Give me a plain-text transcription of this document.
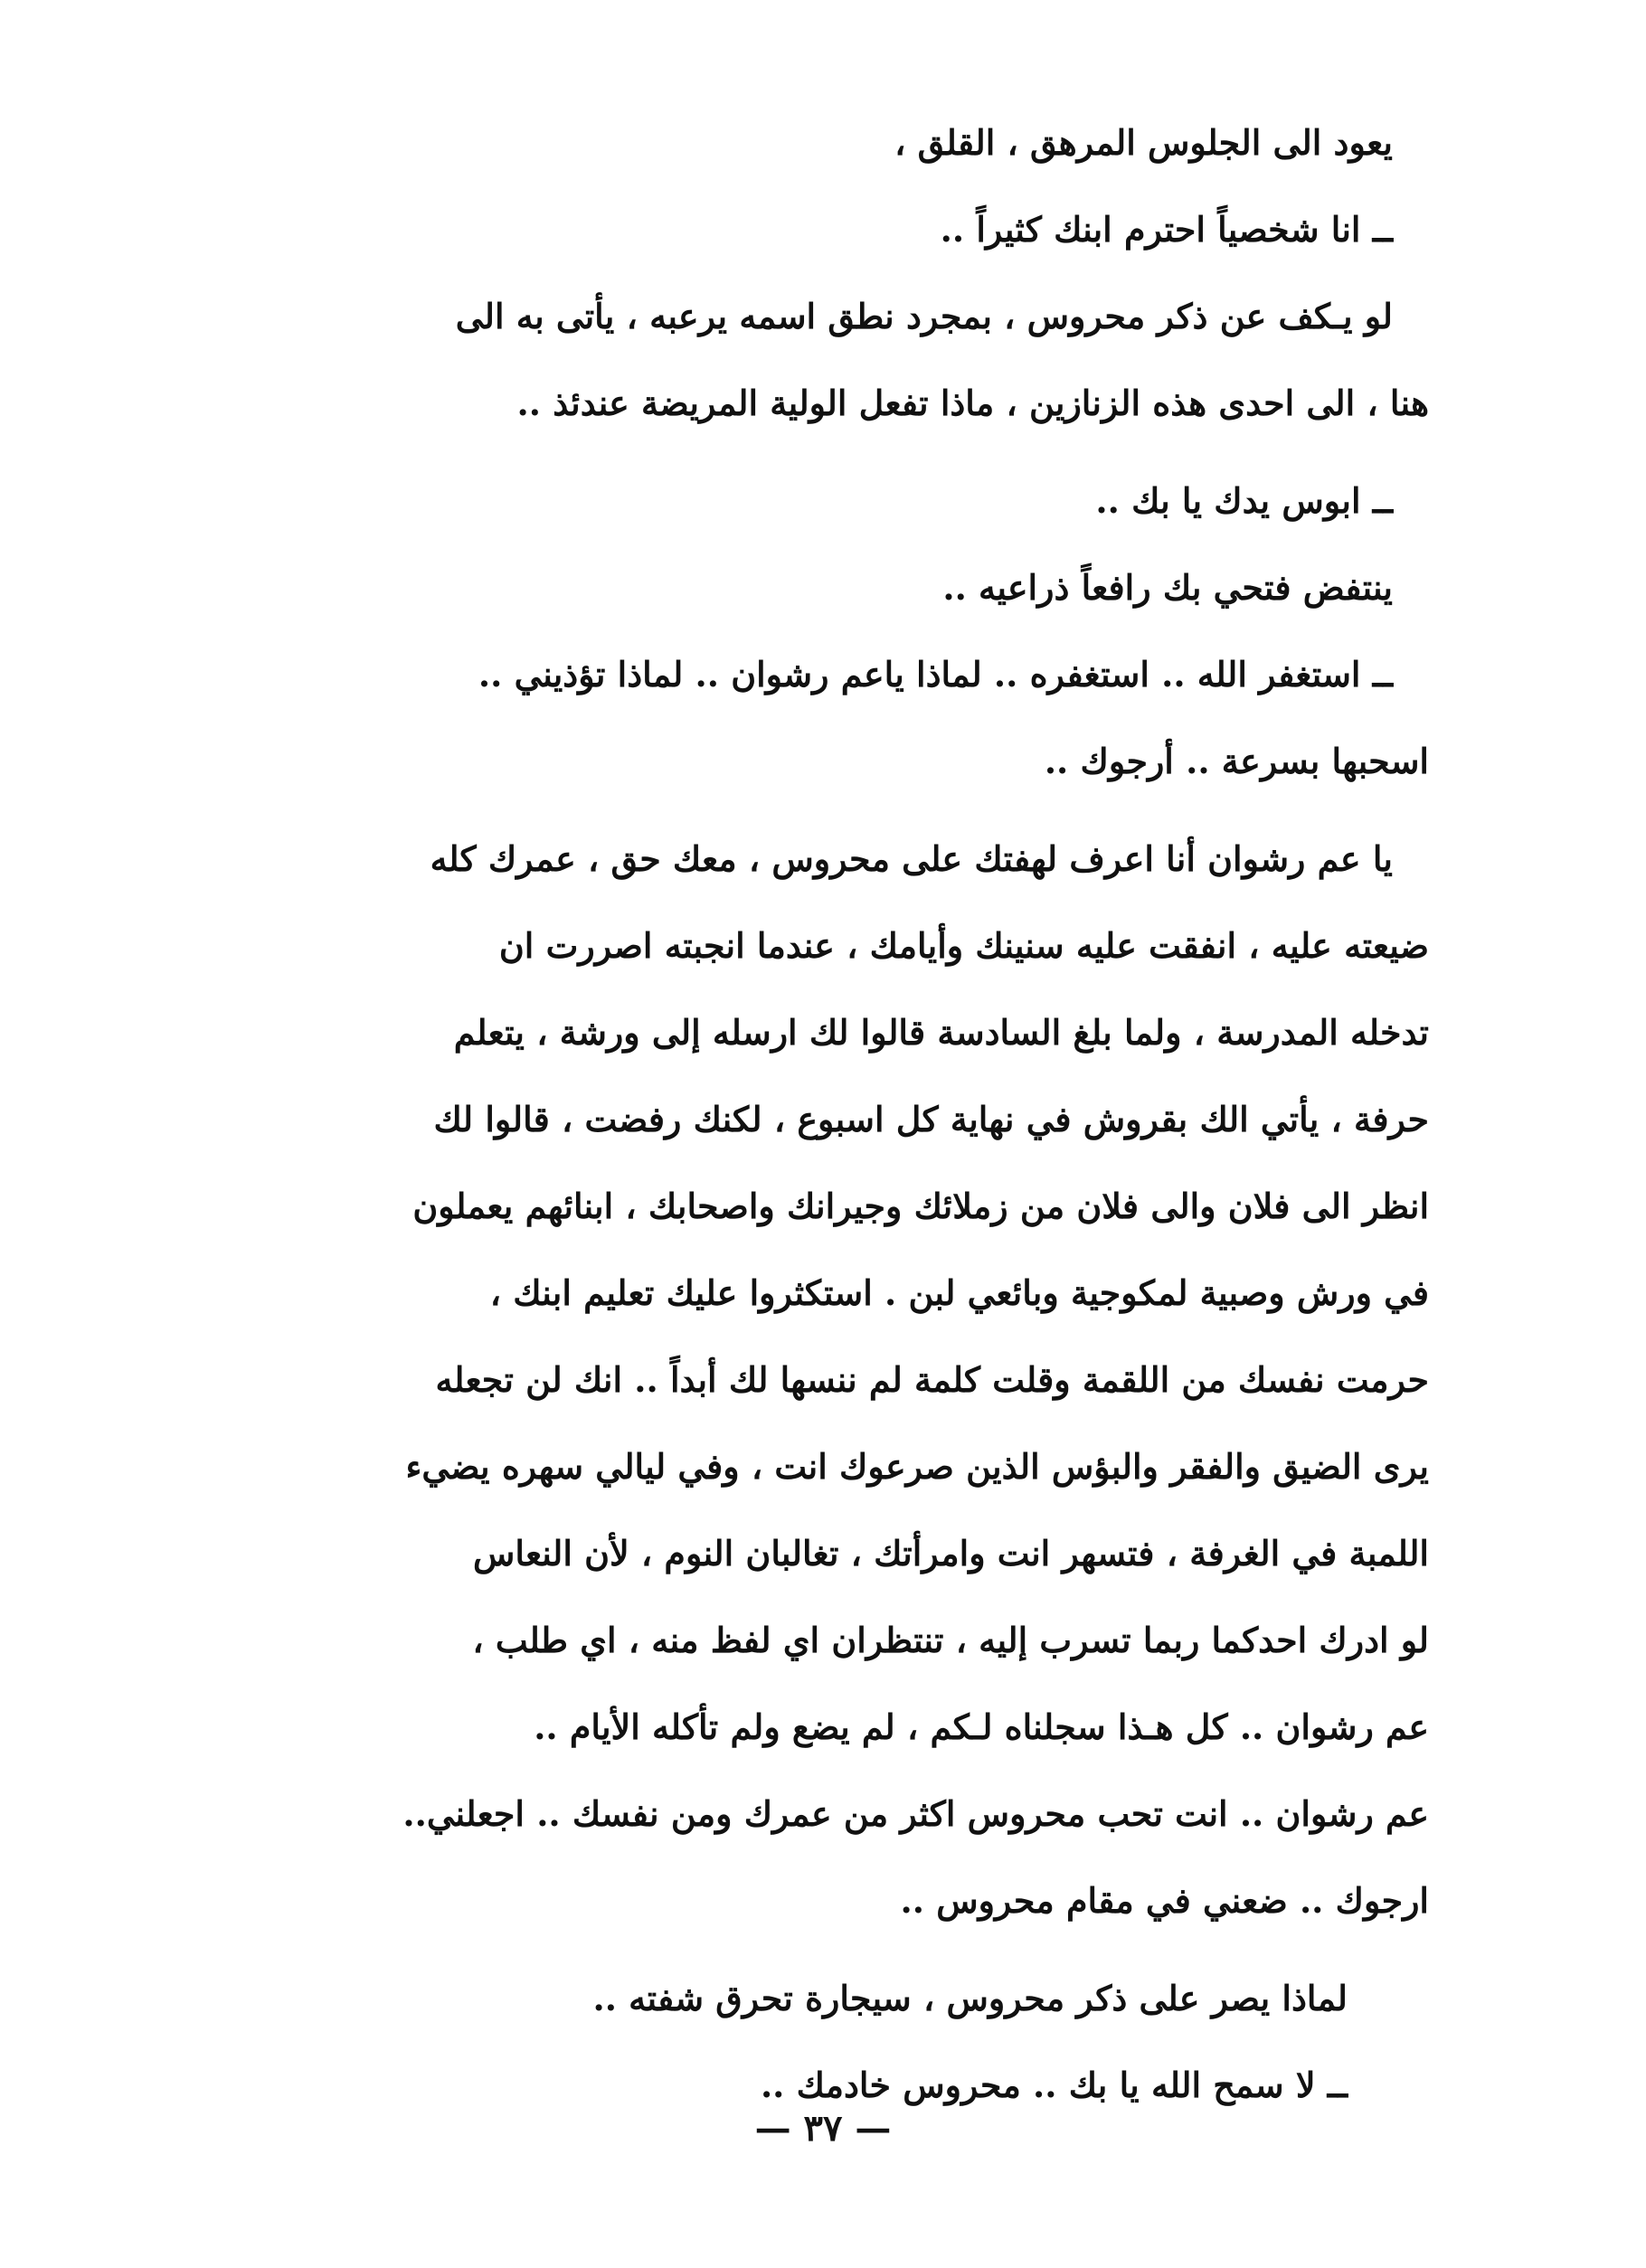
يعود الى الجلوس المرهق ، القلق ،
ــ انا شخصياً احترم ابنك كثيراً ..
لو يـكف عن ذكر محروس ، بمجرد نطق اسمه يرعبه ، يأتى به الى
هنا ، الى احدى هذه الزنازين ، ماذا تفعل الولية المريضة عندئذ ..
ــ ابوس يدك يا بك ..
ينتفض فتحي بك رافعاً ذراعيه ..
ــ استغفر الله .. استغفره .. لماذا ياعم رشوان .. لماذا تؤذيني ..
اسحبها بسرعة .. أرجوك ..
يا عم رشوان أنا اعرف لهفتك على محروس ، معك حق ، عمرك كله
ضيعته عليه ، انفقت عليه سنينك وأيامك ، عندما انجبته اصررت ان
تدخله المدرسة ، ولما بلغ السادسة قالوا لك ارسله إلى ورشة ، يتعلم
حرفة ، يأتي الك بقروش في نهاية كل اسبوع ، لكنك رفضت ، قالوا لك
انظر الى فلان والى فلان من زملائك وجيرانك واصحابك ، ابنائهم يعملون
في ورش وصبية لمكوجية وبائعي لبن . استكثروا عليك تعليم ابنك ،
حرمت نفسك من اللقمة وقلت كلمة لم ننسها لك أبداً .. انك لن تجعله
يرى الضيق والفقر والبؤس الذين صرعوك انت ، وفي ليالي سهره يضيء
اللمبة في الغرفة ، فتسهر انت وامرأتك ، تغالبان النوم ، لأن النعاس
لو ادرك احدكما ربما تسرب إليه ، تنتظران اي لفظ منه ، اي طلب ،
عم رشوان .. كل هـذا سجلناه لـكم ، لم يضع ولم تأكله الأيام ..
عم رشوان .. انت تحب محروس اكثر من عمرك ومن نفسك .. اجعلني..
ارجوك .. ضعني في مقام محروس ..
لماذا يصر على ذكر محروس ، سيجارة تحرق شفته ..
ــ لا سمح الله يا بك .. محروس خادمك ..
— ٣٧ —
